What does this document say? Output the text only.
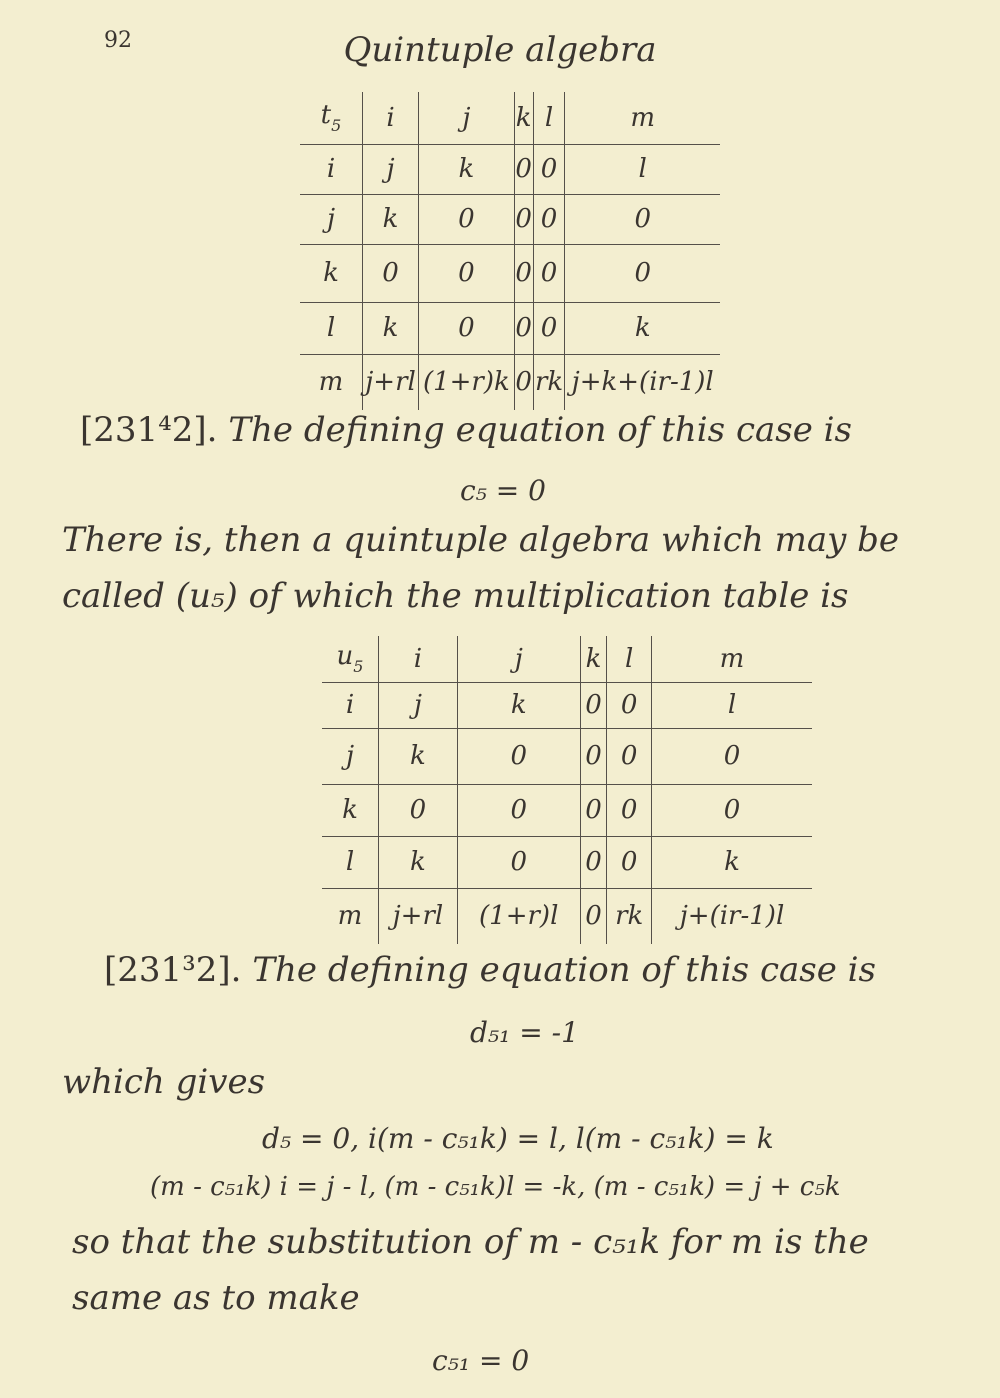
92	Quintuple algebra
$t_5$	i	j	k	l	m
i	j	k	0	0	l
j	k	0	0	0	0
k	0	0	0	0	0
l	k	0	0	0	k
m	j+rl	(1+r)k	0	rk	j+k+(ir-1)l
[231⁴2]. The defining equation of this case is
c₅ = 0
There is, then a quintuple algebra which may be
called (u₅) of which the multiplication table is
$u_5$	i	j	k	l	m
i	j	k	0	0	l
j	k	0	0	0	0
k	0	0	0	0	0
l	k	0	0	0	k
m	j+rl	(1+r)l	0	rk	j+(ir-1)l
[231³2]. The defining equation of this case is
d₅₁ = -1
which gives
d₅ = 0, i(m - c₅₁k) = l, l(m - c₅₁k) = k
(m - c₅₁k) i = j - l, (m - c₅₁k)l = -k, (m - c₅₁k) = j + c₅k
so that the substitution of m - c₅₁k for m is the
same as to make
c₅₁ = 0
